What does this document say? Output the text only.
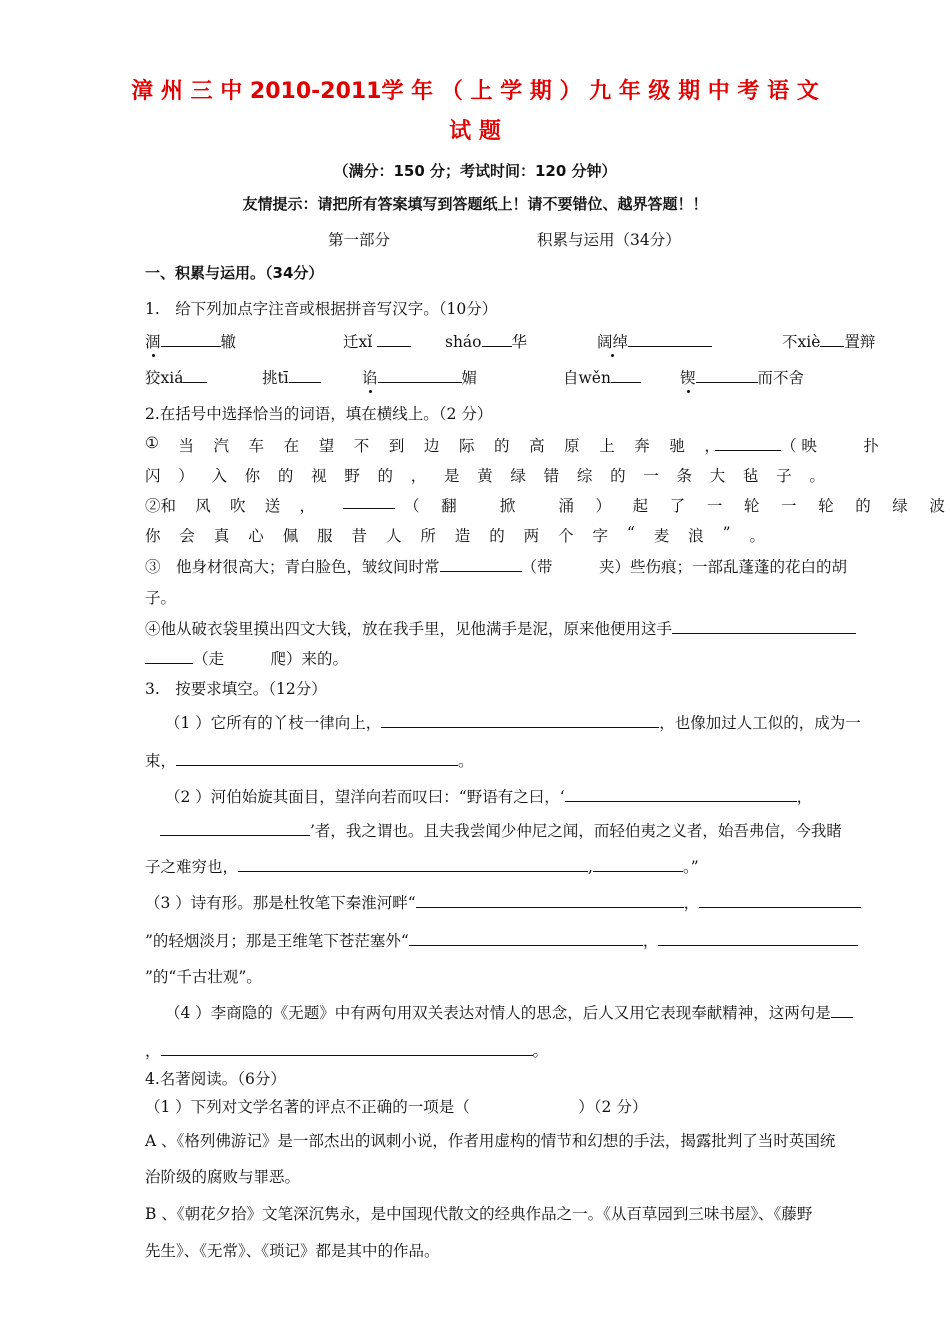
漳 州 三 中 2010-2011学 年 （ 上 学 期 ） 九 年 级 期 中 考 语 文
试 题
（满分：150 分；考试时间：120 分钟）
友情提示：请把所有答案填写到答题纸上！请不要错位、越界答题！！
第一部分	积累与运用（34分）
一、积累与运用。（34分）
1.　给下列加点字注音或根据拼音写汉字。（10分）
涸	辙	迁xǐ	sháo 华	阔绰	不xiè 置辩
狡xiá	挑tī	谄	媚	自wěn	锲	而不舍
2.在括号中选择恰当的词语，填在横线上。（2 分）
① 当 汽 车 在 望 不 到 边 际 的 高 原 上 奔 驰 ，	（ 映　　　扑
闪 ） 入 你 的 视 野 的 ， 是 黄 绿 错 综 的 一 条 大 毡 子 。
②和 风 吹 送 ，	（ 翻	掀	涌 ） 起 了 一 轮 一 轮 的 绿 波
你 会 真 心 佩 服 昔 人 所 造 的 两 个 字 “ 麦 浪 ” 。
③　他身材很高大；青白脸色，皱纹间时常	（带　　　夹）些伤痕；一部乱蓬蓬的花白的胡
子。
④他从破衣袋里摸出四文大钱，放在我手里，见他满手是泥，原来他便用这手
（走　　　爬）来的。
3.　按要求填空。（12分）
（1 ）它所有的丫枝一律向上，	，也像加过人工似的，成为一
束，	。
（2 ）河伯始旋其面目，望洋向若而叹曰：“野语有之曰，‘	，
’者，我之谓也。且夫我尝闻少仲尼之闻，而轻伯夷之义者，始吾弗信，今我睹
子之难穷也，	,	。”
（3 ）诗有形。那是杜牧笔下秦淮河畔“	，
”的轻烟淡月；那是王维笔下苍茫塞外“	，
”的“千古壮观”。
（4 ）李商隐的《无题》中有两句用双关表达对情人的思念，后人又用它表现奉献精神，这两句是
，	。
4.名著阅读。（6分）
（1 ）下列对文学名著的评点不正确的一项是（　　　　　　　）（2 分）
A 、《格列佛游记》是一部杰出的讽刺小说，作者用虚构的情节和幻想的手法，揭露批判了当时英国统
治阶级的腐败与罪恶。
B 、《朝花夕拾》文笔深沉隽永，是中国现代散文的经典作品之一。《从百草园到三味书屋》、《藤野
先生》、《无常》、《琐记》都是其中的作品。
